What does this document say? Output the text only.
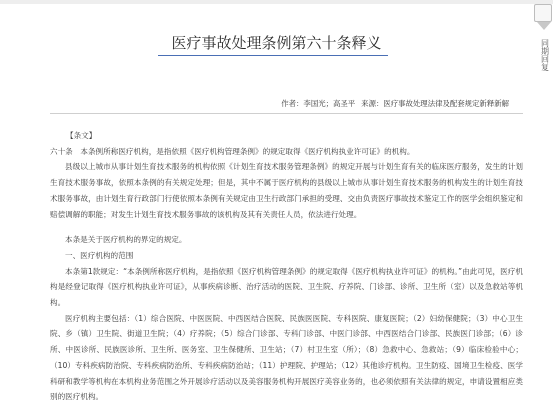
同
期
回
复
医疗事故处理条例第六十条释义
作者：李国光；高圣平 来源：医疗事故处理法律及配套规定新释新解

【条文】

六十条　本条例所称医疗机构，是指依照《医疗机构管理条例》的规定取得《医疗机构执业许可证》的机构。

县级以上城市从事计划生育技术服务的机构依照《计划生育技术服务管理条例》的规定开展与计划生育有关的临床医疗服务，发生的计划生育技术服务事故，依照本条例的有关规定处理；但是，其中不属于医疗机构的县级以上城市从事计划生育技术服务的机构发生的计划生育技术服务事故，由计划生育行政部门行使依照本条例有关规定由卫生行政部门承担的受理、交由负责医疗事故技术鉴定工作的医学会组织鉴定和赔偿调解的职能；对发生计划生育技术服务事故的该机构及其有关责任人员，依法进行处理。

本条是关于医疗机构的界定的规定。

一、医疗机构的范围

本条第1款规定：“本条例所称医疗机构，是指依照《医疗机构管理条例》的规定取得《医疗机构执业许可证》的机构。”由此可见，医疗机构是经登记取得《医疗机构执业许可证》，从事疾病诊断、治疗活动的医院、卫生院、疗养院、门诊部、诊所、卫生所（室）以及急救站等机构。

医疗机构主要包括：（1）综合医院、中医医院、中西医结合医院、民族医医院、专科医院、康复医院；（2）妇幼保健院；（3）中心卫生院、乡（镇）卫生院、街道卫生院；（4）疗养院；（5）综合门诊部、专科门诊部、中医门诊部、中西医结合门诊部、民族医门诊部；（6）诊所、中医诊所、民族医诊所、卫生所、医务室、卫生保健所、卫生站；（7）村卫生室（所）；（8）急救中心、急救站；（9）临床检验中心；（10）专科疾病防治院、专科疾病防治所、专科疾病防治站；（11）护理院、护理站；（12）其他诊疗机构。卫生防疫、国境卫生检疫、医学科研和教学等机构在本机构业务范围之外开展诊疗活动以及美容服务机构开展医疗美容业务的，也必须依照有关法律的规定，申请设置相应类别的医疗机构。
